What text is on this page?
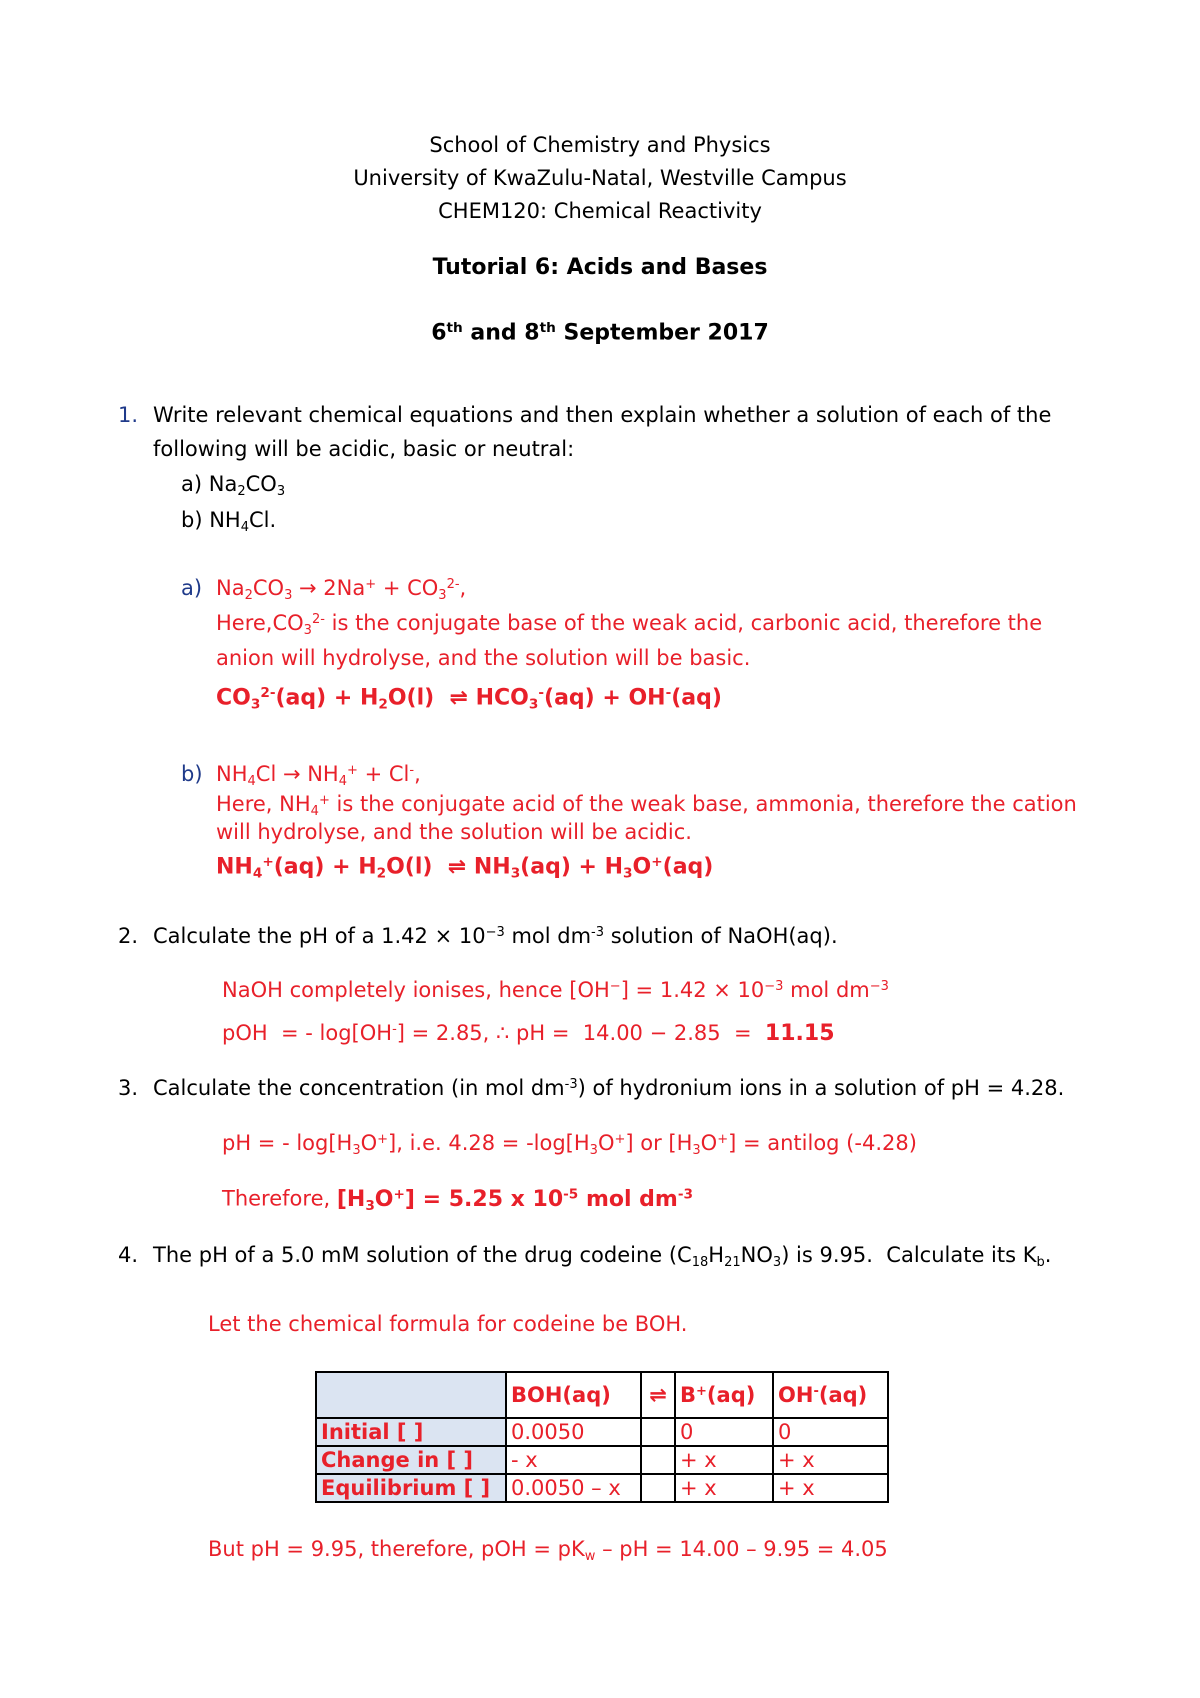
School of Chemistry and Physics
University of KwaZulu-Natal, Westville Campus
CHEM120: Chemical Reactivity
Tutorial 6: Acids and Bases
6th and 8th September 2017
1. Write relevant chemical equations and then explain whether a solution of each of the
following will be acidic, basic or neutral:
a) $Na_2CO_3$
b) $NH_4Cl$.
a) $Na_2CO_3 \to 2Na^+ + CO_3^{2-}$,
$Here,CO_3^{2-}$ is the conjugate base of the weak acid, carbonic acid, therefore the
anion will hydrolyse, and the solution will be basic.
$CO_3^{2-}(aq) + H_2O(l)$  ⇌ $HCO_3^-(aq) + OH^-(aq)$
b) $NH_4Cl \to NH_4^+ + Cl^-$,
Here, $NH_4^+$ is the conjugate acid of the weak base, ammonia, therefore the cation
will hydrolyse, and the solution will be acidic.
$NH_4^+(aq) + H_2O(l)$  ⇌ $NH_3(aq) + H_3O^+(aq)$
2. Calculate the pH of a $1.42 \times 10^{-3}$ mol $dm^{-3}$ solution of NaOH(aq).
NaOH completely ionises, hence $[OH^-] = 1.42 \times 10^{-3}$ mol $dm^{-3}$
pOH  = - log[OH-] = 2.85, ∴ pH =  14.00 − 2.85  =  11.15
3. Calculate the concentration (in mol $dm^{-3}$) of hydronium ions in a solution of pH = 4.28.
pH = - $\log[H_3O^+]$, i.e. $4.28 = -\log[H_3O^+]$ or $[H_3O^+]$ = antilog (-4.28)
Therefore, $[H_3O^+] = 5.25$ x $10^{-5}$ mol $dm^{-3}$
4. The pH of a 5.0 mM solution of the drug codeine $(C_{18}H_{21}NO_3)$ is 9.95.  Calculate its $K_b$.
Let the chemical formula for codeine be BOH.
	BOH(aq)	⇌	B+(aq)	OH-(aq)
Initial [ ]	0.0050		0	0
Change in [ ]	- x		+ x	+ x
Equilibrium [ ]	0.0050 – x		+ x	+ x
But pH = 9.95, therefore, pOH = $pK_w$ – pH = 14.00 – 9.95 = 4.05
